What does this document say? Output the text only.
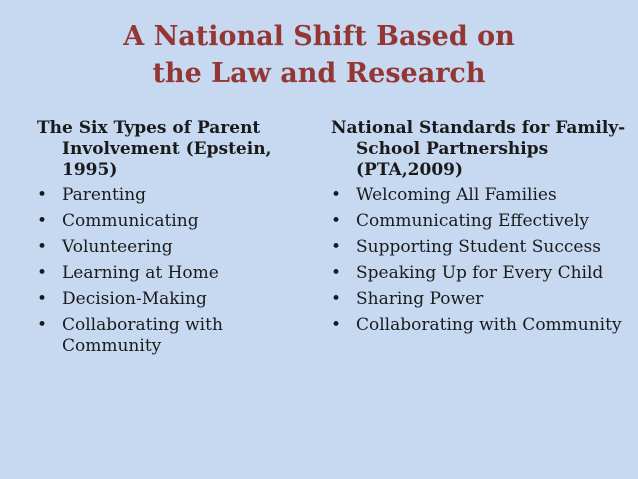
A National Shift Based on
the Law and Research
The Six Types of Parent Involvement (Epstein, 1995)
• Parenting
• Communicating
• Volunteering
• Learning at Home
• Decision-Making
• Collaborating with Community
National Standards for Family-School Partnerships (PTA,2009)
• Welcoming All Families
• Communicating Effectively
• Supporting Student Success
• Speaking Up for Every Child
• Sharing Power
• Collaborating with Community
